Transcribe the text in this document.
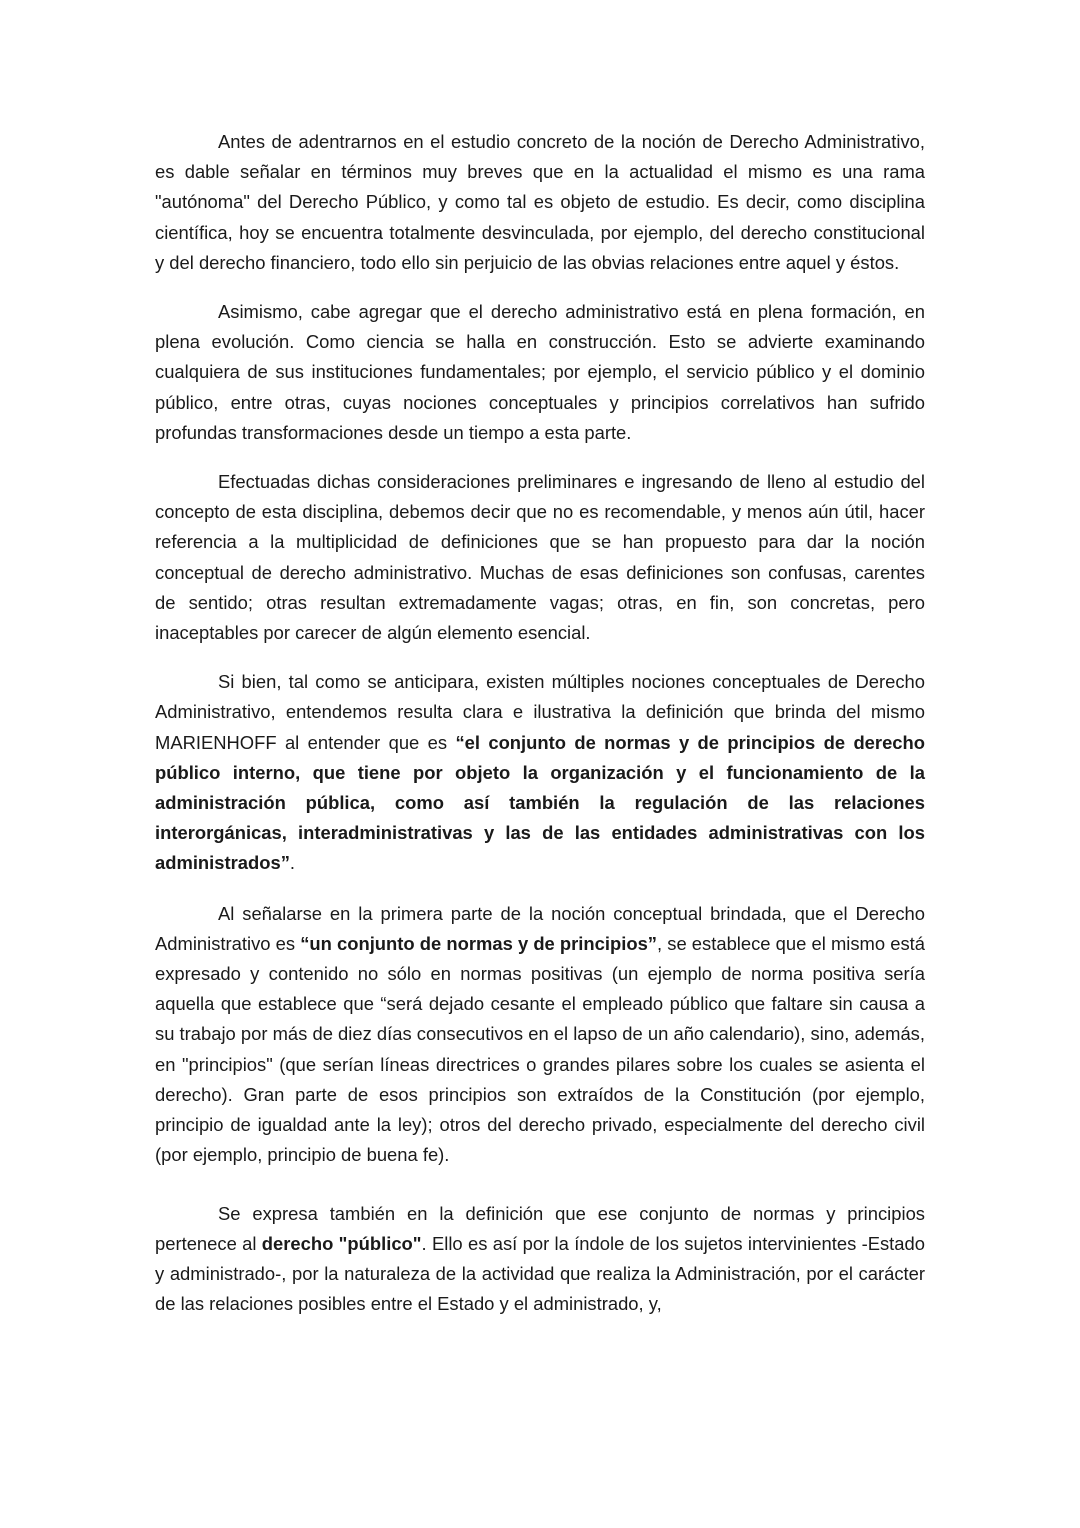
Antes de adentrarnos en el estudio concreto de la noción de Derecho Administrativo, es dable señalar en términos muy breves que en la actualidad el mismo es una rama "autónoma" del Derecho Público, y como tal es objeto de estudio. Es decir, como disciplina científica, hoy se encuentra totalmente desvinculada, por ejemplo, del derecho constitucional y del derecho financiero, todo ello sin perjuicio de las obvias relaciones entre aquel y éstos.

Asimismo, cabe agregar que el derecho administrativo está en plena formación, en plena evolución. Como ciencia se halla en construcción. Esto se advierte examinando cualquiera de sus instituciones fundamentales; por ejemplo, el servicio público y el dominio público, entre otras, cuyas nociones conceptuales y principios correlativos han sufrido profundas transformaciones desde un tiempo a esta parte.

Efectuadas dichas consideraciones preliminares e ingresando de lleno al estudio del concepto de esta disciplina, debemos decir que no es recomendable, y menos aún útil, hacer referencia a la multiplicidad de definiciones que se han propuesto para dar la noción conceptual de derecho administrativo. Muchas de esas definiciones son confusas, carentes de sentido; otras resultan extremadamente vagas; otras, en fin, son concretas, pero inaceptables por carecer de algún elemento esencial.

Si bien, tal como se anticipara, existen múltiples nociones conceptuales de Derecho Administrativo, entendemos resulta clara e ilustrativa la definición que brinda del mismo MARIENHOFF al entender que es “el conjunto de normas y de principios de derecho público interno, que tiene por objeto la organización y el funcionamiento de la administración pública, como así también la regulación de las relaciones interorgánicas, interadministrativas y las de las entidades administrativas con los administrados”.

Al señalarse en la primera parte de la noción conceptual brindada, que el Derecho Administrativo es “un conjunto de normas y de principios”, se establece que el mismo está expresado y contenido no sólo en normas positivas (un ejemplo de norma positiva sería aquella que establece que “será dejado cesante el empleado público que faltare sin causa a su trabajo por más de diez días consecutivos en el lapso de un año calendario), sino, además, en "principios" (que serían líneas directrices o grandes pilares sobre los cuales se asienta el derecho). Gran parte de esos principios son extraídos de la Constitución (por ejemplo, principio de igualdad ante la ley); otros del derecho privado, especialmente del derecho civil (por ejemplo, principio de buena fe).

Se expresa también en la definición que ese conjunto de normas y principios pertenece al derecho "público". Ello es así por la índole de los sujetos intervinientes -Estado y administrado-, por la naturaleza de la actividad que realiza la Administración, por el carácter de las relaciones posibles entre el Estado y el administrado, y,
